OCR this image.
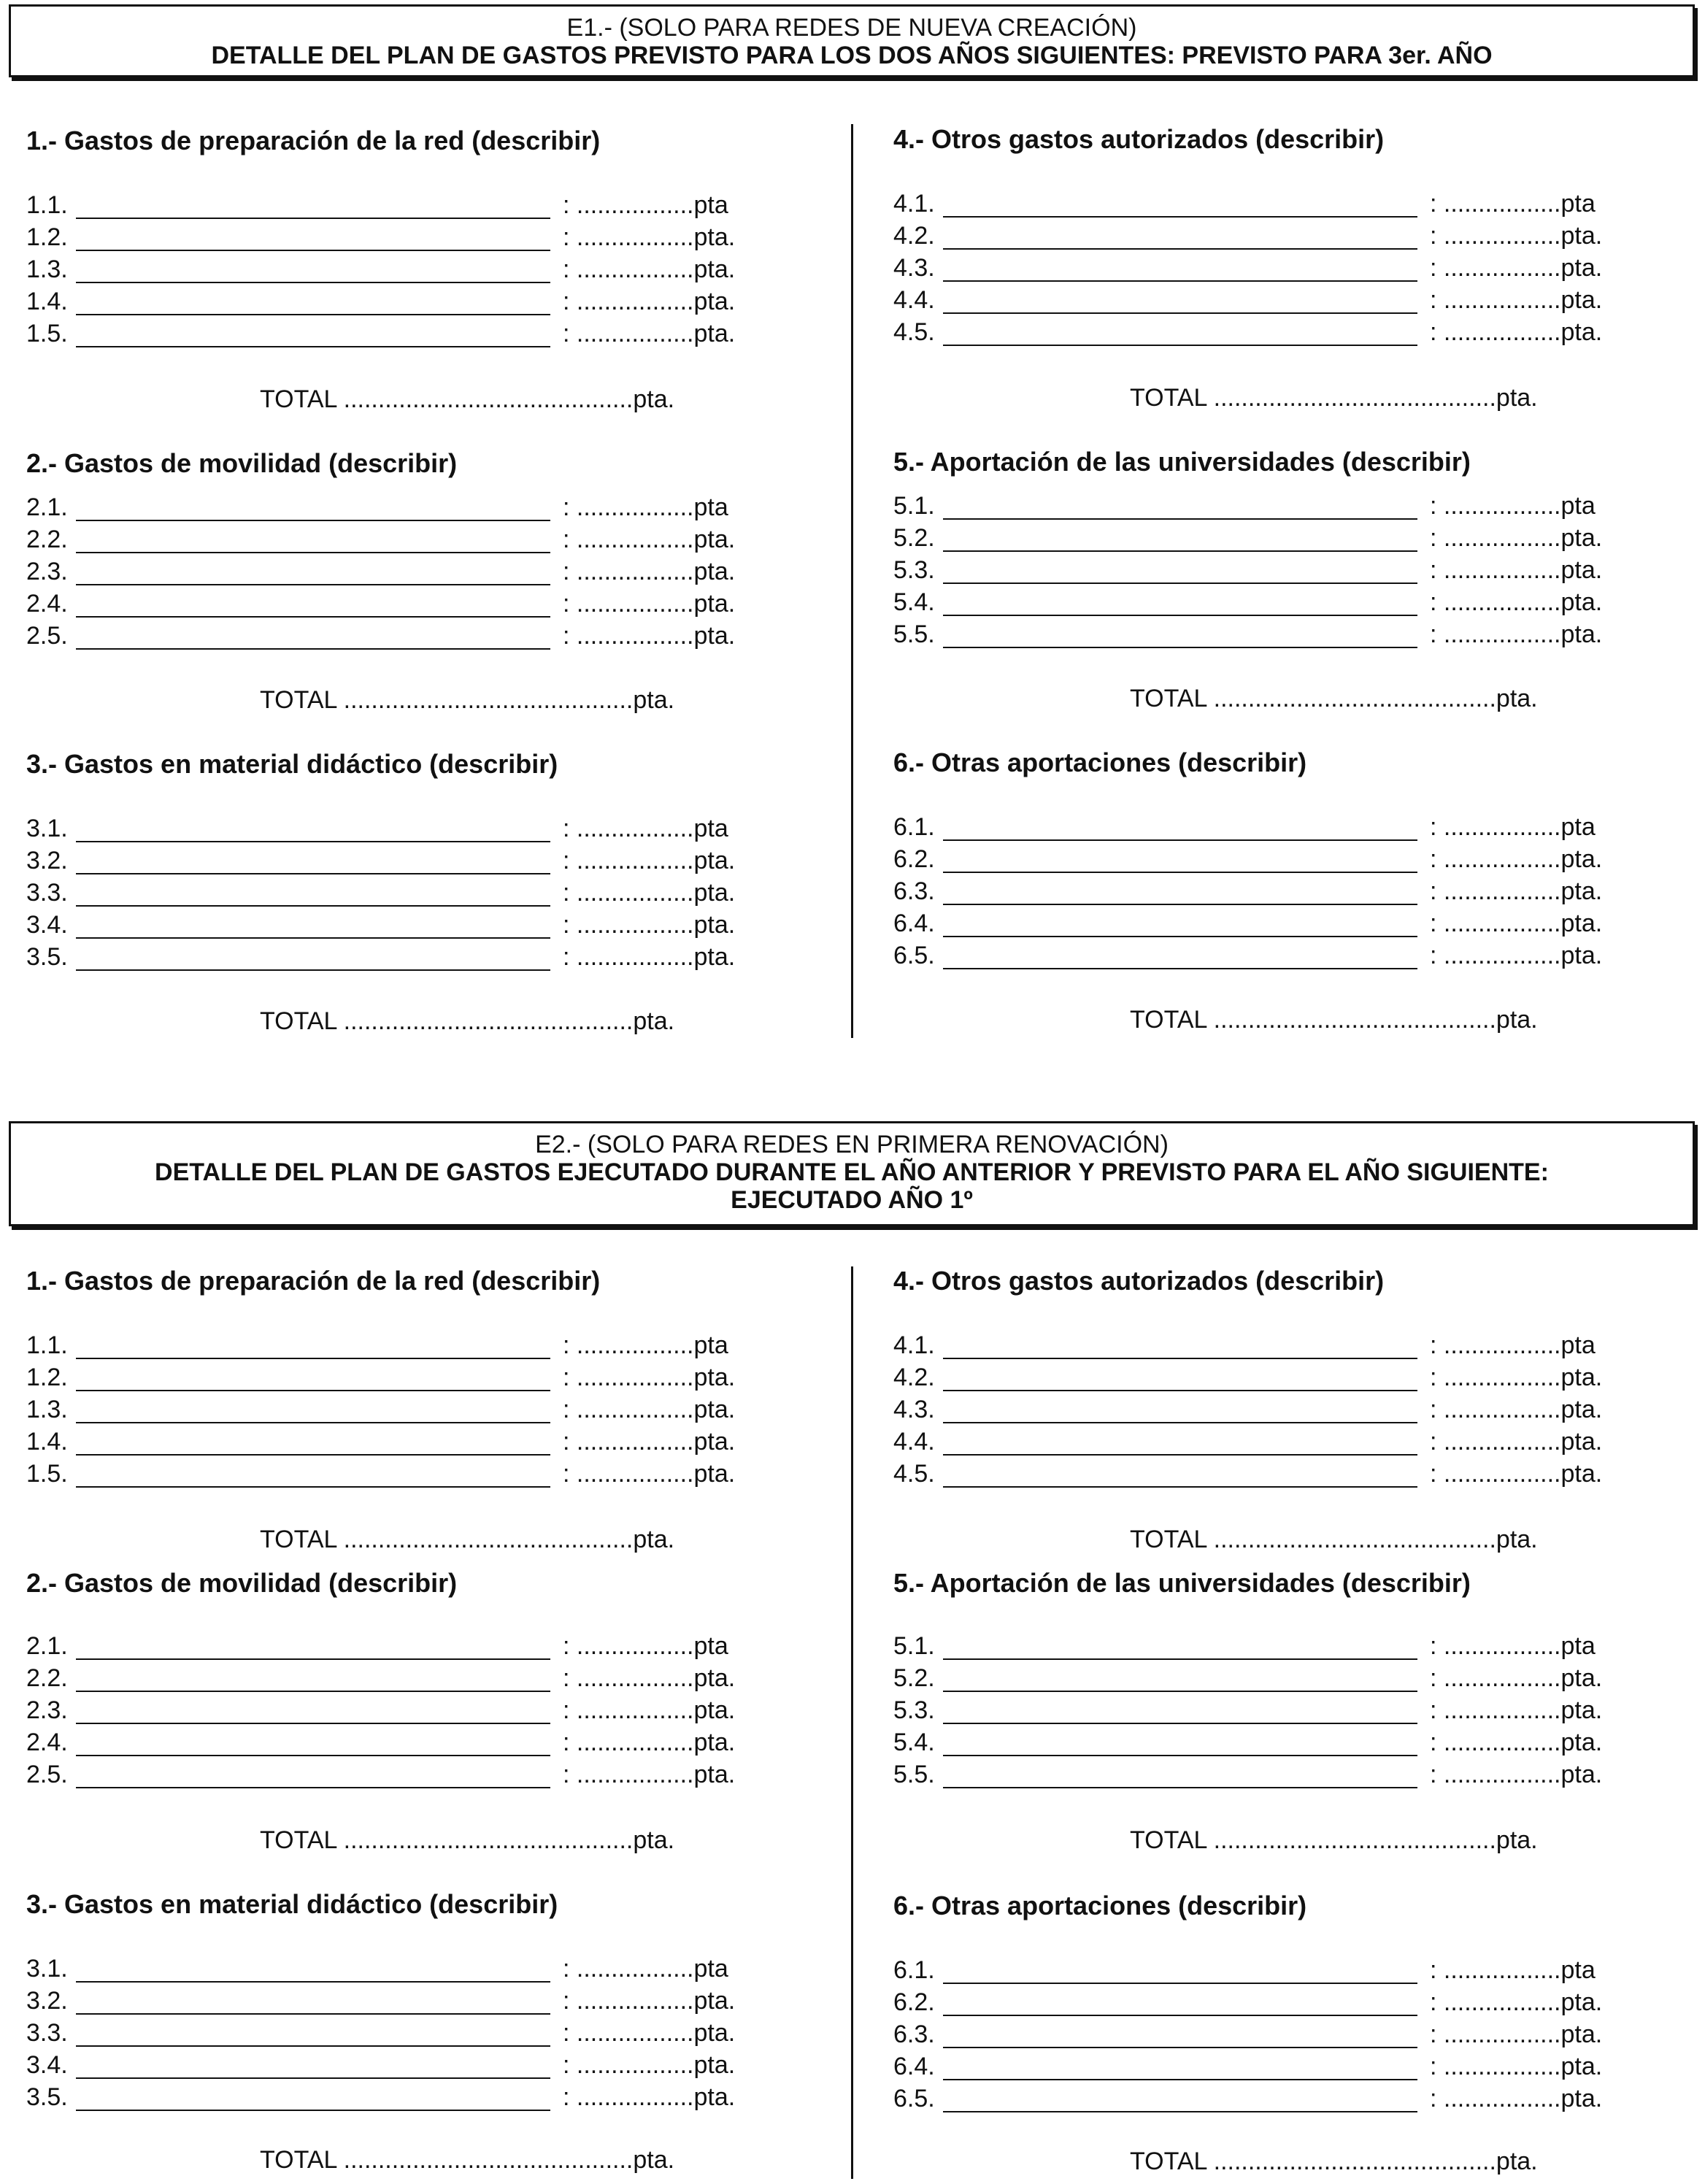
E1.- (SOLO PARA REDES DE NUEVA CREACIÓN)
DETALLE DEL PLAN DE GASTOS PREVISTO PARA LOS DOS AÑOS SIGUIENTES: PREVISTO PARA 3er. AÑO
E2.- (SOLO PARA REDES EN PRIMERA RENOVACIÓN)
DETALLE DEL PLAN DE GASTOS EJECUTADO DURANTE EL AÑO ANTERIOR Y PREVISTO PARA EL AÑO SIGUIENTE:
EJECUTADO AÑO 1º
1.- Gastos de preparación de la red (describir)
1.1.	: .................pta
1.2.	: .................pta.
1.3.	: .................pta.
1.4.	: .................pta.
1.5.	: .................pta.
TOTAL ..........................................pta.
2.- Gastos de movilidad (describir)
2.1.	: .................pta
2.2.	: .................pta.
2.3.	: .................pta.
2.4.	: .................pta.
2.5.	: .................pta.
TOTAL ..........................................pta.
3.- Gastos en material didáctico (describir)
3.1.	: .................pta
3.2.	: .................pta.
3.3.	: .................pta.
3.4.	: .................pta.
3.5.	: .................pta.
TOTAL ..........................................pta.
4.- Otros gastos autorizados (describir)
4.1.	: .................pta
4.2.	: .................pta.
4.3.	: .................pta.
4.4.	: .................pta.
4.5.	: .................pta.
TOTAL .........................................pta.
5.- Aportación de las universidades (describir)
5.1.	: .................pta
5.2.	: .................pta.
5.3.	: .................pta.
5.4.	: .................pta.
5.5.	: .................pta.
TOTAL .........................................pta.
6.- Otras aportaciones (describir)
6.1.	: .................pta
6.2.	: .................pta.
6.3.	: .................pta.
6.4.	: .................pta.
6.5.	: .................pta.
TOTAL .........................................pta.
1.- Gastos de preparación de la red (describir)
1.1.	: .................pta
1.2.	: .................pta.
1.3.	: .................pta.
1.4.	: .................pta.
1.5.	: .................pta.
TOTAL ..........................................pta.
2.- Gastos de movilidad (describir)
2.1.	: .................pta
2.2.	: .................pta.
2.3.	: .................pta.
2.4.	: .................pta.
2.5.	: .................pta.
TOTAL ..........................................pta.
3.- Gastos en material didáctico (describir)
3.1.	: .................pta
3.2.	: .................pta.
3.3.	: .................pta.
3.4.	: .................pta.
3.5.	: .................pta.
TOTAL ..........................................pta.
4.- Otros gastos autorizados (describir)
4.1.	: .................pta
4.2.	: .................pta.
4.3.	: .................pta.
4.4.	: .................pta.
4.5.	: .................pta.
TOTAL .........................................pta.
5.- Aportación de las universidades (describir)
5.1.	: .................pta
5.2.	: .................pta.
5.3.	: .................pta.
5.4.	: .................pta.
5.5.	: .................pta.
TOTAL .........................................pta.
6.- Otras aportaciones (describir)
6.1.	: .................pta
6.2.	: .................pta.
6.3.	: .................pta.
6.4.	: .................pta.
6.5.	: .................pta.
TOTAL .........................................pta.
